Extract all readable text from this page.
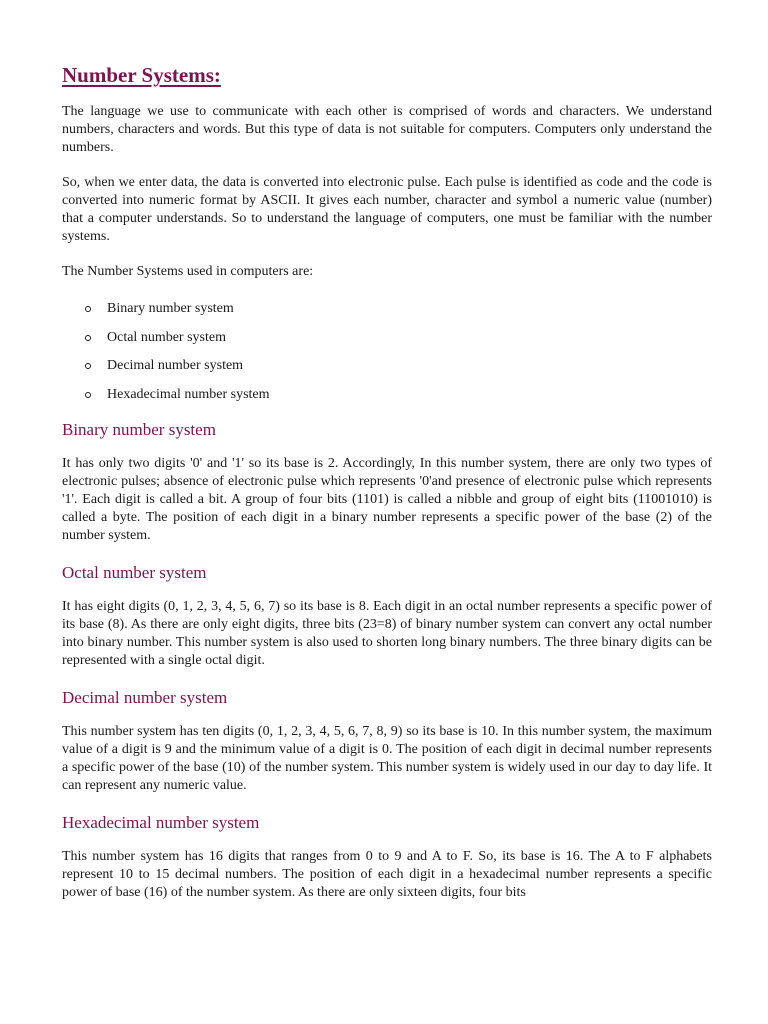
Number Systems:

The language we use to communicate with each other is comprised of words and characters. We understand numbers, characters and words. But this type of data is not suitable for computers. Computers only understand the numbers.

So, when we enter data, the data is converted into electronic pulse. Each pulse is identified as code and the code is converted into numeric format by ASCII. It gives each number, character and symbol a numeric value (number) that a computer understands. So to understand the language of computers, one must be familiar with the number systems.

The Number Systems used in computers are:

Binary number system
Octal number system
Decimal number system
Hexadecimal number system
Binary number system

It has only two digits '0' and '1' so its base is 2. Accordingly, In this number system, there are only two types of electronic pulses; absence of electronic pulse which represents '0'and presence of electronic pulse which represents '1'. Each digit is called a bit. A group of four bits (1101) is called a nibble and group of eight bits (11001010) is called a byte. The position of each digit in a binary number represents a specific power of the base (2) of the number system.

Octal number system

It has eight digits (0, 1, 2, 3, 4, 5, 6, 7) so its base is 8. Each digit in an octal number represents a specific power of its base (8). As there are only eight digits, three bits (23=8) of binary number system can convert any octal number into binary number. This number system is also used to shorten long binary numbers. The three binary digits can be represented with a single octal digit.

Decimal number system

This number system has ten digits (0, 1, 2, 3, 4, 5, 6, 7, 8, 9) so its base is 10. In this number system, the maximum value of a digit is 9 and the minimum value of a digit is 0. The position of each digit in decimal number represents a specific power of the base (10) of the number system. This number system is widely used in our day to day life. It can represent any numeric value.

Hexadecimal number system

This number system has 16 digits that ranges from 0 to 9 and A to F. So, its base is 16. The A to F alphabets represent 10 to 15 decimal numbers. The position of each digit in a hexadecimal number represents a specific power of base (16) of the number system. As there are only sixteen digits, four bits
